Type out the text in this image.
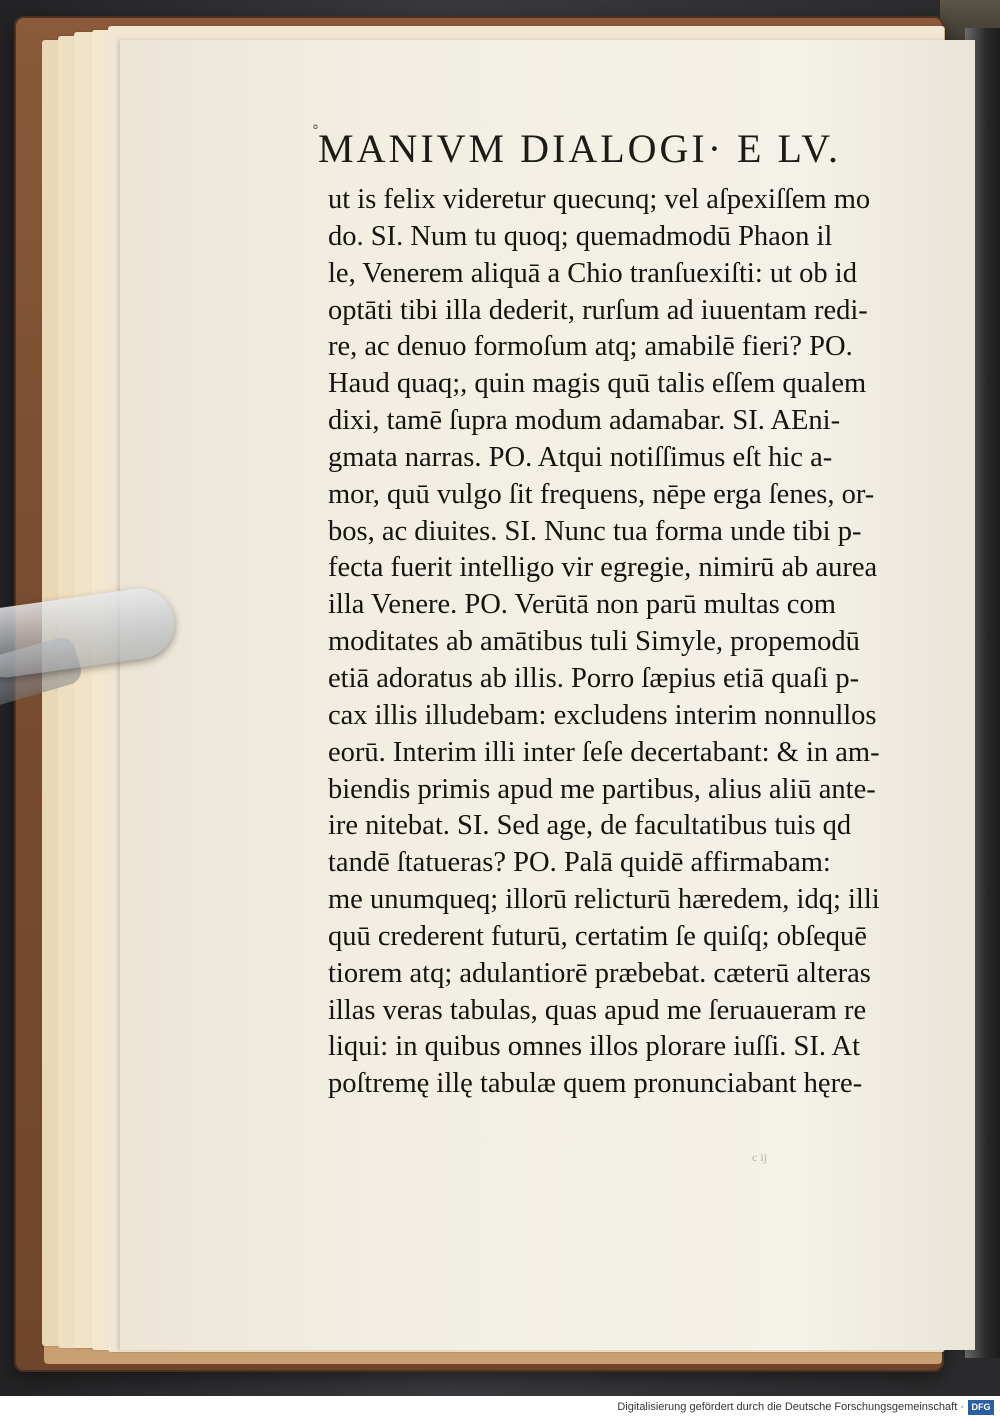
° MANIVM DIALOGI· E LV.
ut is felix videretur quecunq; vel aſpexiſſem mo
do. SI. Num tu quoq; quemadmodū Phaon il
le, Venerem aliquā a Chio tranſuexiſti: ut ob id
optāti tibi illa dederit, rurſum ad iuuentam redi-
re, ac denuo formoſum atq; amabilē fieri? PO.
Haud quaq;, quin magis quū talis eſſem qualem
dixi, tamē ſupra modum adamabar. SI. AEni-
gmata narras. PO. Atqui notiſſimus eſt hic a-
mor, quū vulgo ſit frequens, nēpe erga ſenes, or-
bos, ac diuites. SI. Nunc tua forma unde tibi p-
fecta fuerit intelligo vir egregie, nimirū ab aurea
illa Venere. PO. Verūtā non parū multas com
moditates ab amātibus tuli Simyle, propemodū
etiā adoratus ab illis. Porro ſæpius etiā quaſi p-
cax illis illudebam: excludens interim nonnullos
eorū. Interim illi inter ſeſe decertabant: & in am-
biendis primis apud me partibus, alius aliū ante-
ire nitebat. SI. Sed age, de facultatibus tuis qd
tandē ſtatueras? PO. Palā quidē affirmabam:
me unumqueq; illorū relicturū hæredem, idq; illi
quū crederent futurū, certatim ſe quiſq; obſequē
tiorem atq; adulantiorē præbebat. cæterū alteras
illas veras tabulas, quas apud me ſeruaueram re
liqui: in quibus omnes illos plorare iuſſi. SI. At
poſtremę illę tabulæ quem pronunciabant hęre-
c ij
Digitalisierung gefördert durch die Deutsche Forschungsgemeinschaft · DFG
